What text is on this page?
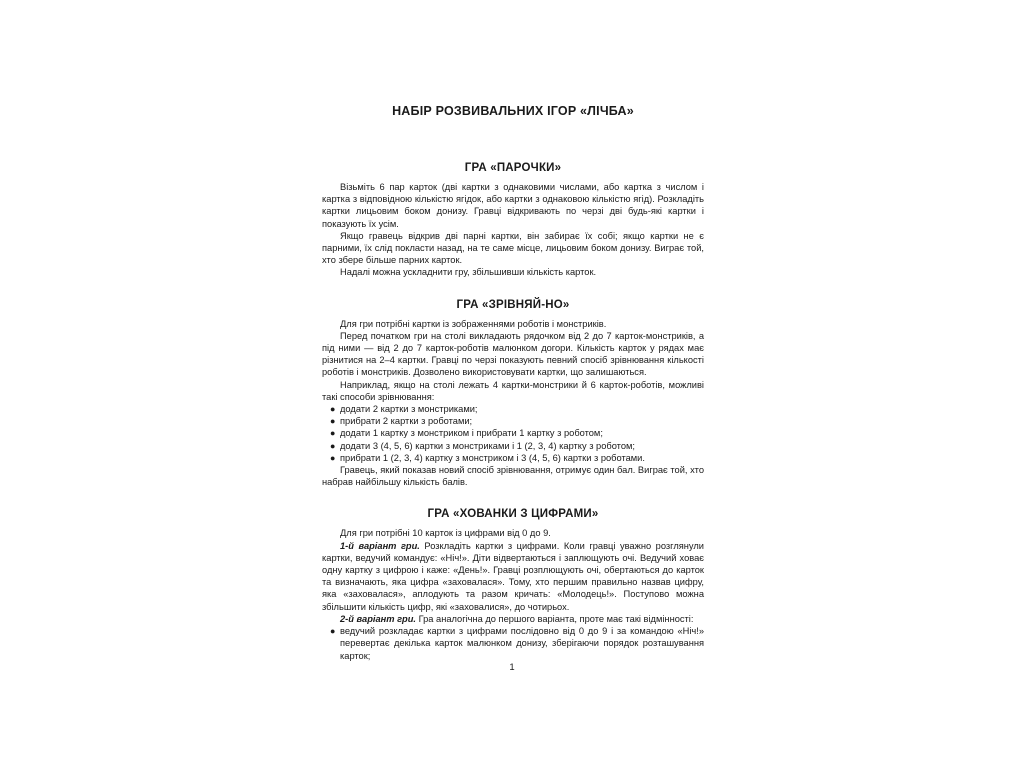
НАБІР РОЗВИВАЛЬНИХ ІГОР «ЛІЧБА»
ГРА «ПАРОЧКИ»

Візьміть 6 пар карток (дві картки з однаковими числами, або картка з числом і картка з відповідною кількістю ягідок, або картки з однаковою кількістю ягід). Розкладіть картки лицьовим боком донизу. Гравці відкривають по черзі дві будь-які картки і показують їх усім.

Якщо гравець відкрив дві парні картки, він забирає їх собі; якщо картки не є парними, їх слід покласти назад, на те саме місце, лицьовим боком донизу. Виграє той, хто збере більше парних карток.

Надалі можна ускладнити гру, збільшивши кількість карток.

ГРА «ЗРІВНЯЙ-НО»

Для гри потрібні картки із зображеннями роботів і монстриків.

Перед початком гри на столі викладають рядочком від 2 до 7 карток-монстриків, а під ними — від 2 до 7 карток-роботів малюнком догори. Кількість карток у рядах має різнитися на 2–4 картки. Гравці по черзі показують певний спосіб зрівнювання кількості роботів і монстриків. Дозволено використовувати картки, що залишаються.

Наприклад, якщо на столі лежать 4 картки-монстрики й 6 карток-роботів, можливі такі способи зрівнювання:

● додати 2 картки з монстриками;
● прибрати 2 картки з роботами;
● додати 1 картку з монстриком і прибрати 1 картку з роботом;
● додати 3 (4, 5, 6) картки з монстриками і 1 (2, 3, 4) картку з роботом;
● прибрати 1 (2, 3, 4) картку з монстриком і 3 (4, 5, 6) картки з роботами.

Гравець, який показав новий спосіб зрівнювання, отримує один бал. Виграє той, хто набрав найбільшу кількість балів.

ГРА «ХОВАНКИ З ЦИФРАМИ»

Для гри потрібні 10 карток із цифрами від 0 до 9.

1-й варіант гри. Розкладіть картки з цифрами. Коли гравці уважно розглянули картки, ведучий командує: «Ніч!». Діти відвертаються і заплющують очі. Ведучий ховає одну картку з цифрою і каже: «День!». Гравці розплющують очі, обертаються до карток та визначають, яка цифра «заховалася». Тому, хто першим правильно назвав цифру, яка «заховалася», аплодують та разом кричать: «Молодець!». Поступово можна збільшити кількість цифр, які «заховалися», до чотирьох.

2-й варіант гри. Гра аналогічна до першого варіанта, проте має такі відмінності:

● ведучий розкладає картки з цифрами послідовно від 0 до 9 і за командою «Ніч!» перевертає декілька карток малюнком донизу, зберігаючи порядок розташування карток;
1
